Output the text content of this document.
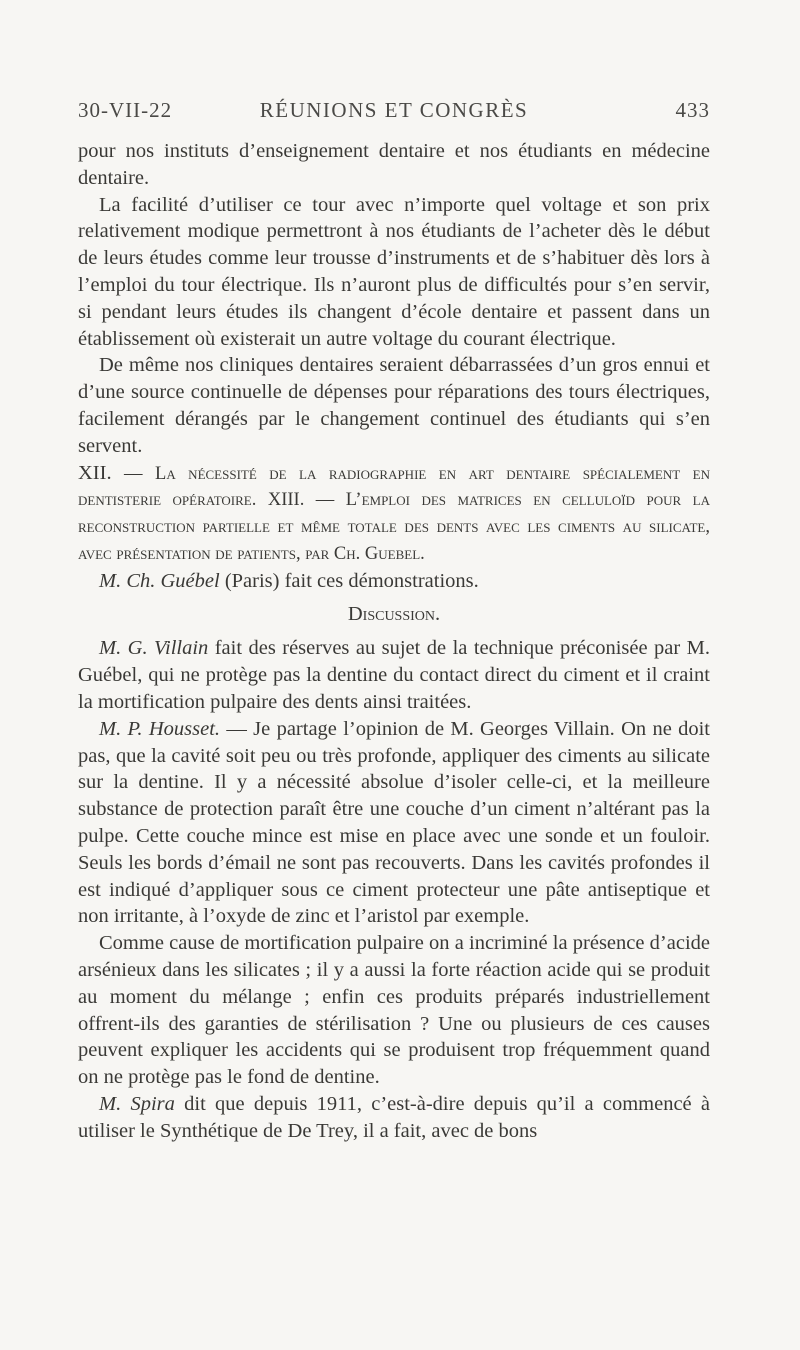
30-VII-22	RÉUNIONS ET CONGRÈS	433

pour nos instituts d’enseignement dentaire et nos étudiants en médecine dentaire.

La facilité d’utiliser ce tour avec n’importe quel voltage et son prix relativement modique permettront à nos étudiants de l’acheter dès le début de leurs études comme leur trousse d’instruments et de s’habituer dès lors à l’emploi du tour électrique. Ils n’auront plus de difficultés pour s’en servir, si pendant leurs études ils changent d’école dentaire et passent dans un établissement où existerait un autre voltage du courant électrique.

De même nos cliniques dentaires seraient débarrassées d’un gros ennui et d’une source continuelle de dépenses pour réparations des tours électriques, facilement dérangés par le changement continuel des étudiants qui s’en servent.

XII. — La nécessité de la radiographie en art dentaire spécialement en dentisterie opératoire. XIII. — L’emploi des matrices en celluloïd pour la reconstruction partielle et même totale des dents avec les ciments au silicate, avec présentation de patients, par Ch. Guebel.

M. Ch. Guébel (Paris) fait ces démonstrations.

Discussion.

M. G. Villain fait des réserves au sujet de la technique préconisée par M. Guébel, qui ne protège pas la dentine du contact direct du ciment et il craint la mortification pulpaire des dents ainsi traitées.

M. P. Housset. — Je partage l’opinion de M. Georges Villain. On ne doit pas, que la cavité soit peu ou très profonde, appliquer des ciments au silicate sur la dentine. Il y a nécessité absolue d’isoler celle-ci, et la meilleure substance de protection paraît être une couche d’un ciment n’altérant pas la pulpe. Cette couche mince est mise en place avec une sonde et un fouloir. Seuls les bords d’émail ne sont pas recouverts. Dans les cavités profondes il est indiqué d’appliquer sous ce ciment protecteur une pâte antiseptique et non irritante, à l’oxyde de zinc et l’aristol par exemple.

Comme cause de mortification pulpaire on a incriminé la présence d’acide arsénieux dans les silicates ; il y a aussi la forte réaction acide qui se produit au moment du mélange ; enfin ces produits préparés industriellement offrent-ils des garanties de stérilisation ? Une ou plusieurs de ces causes peuvent expliquer les accidents qui se produisent trop fréquemment quand on ne protège pas le fond de dentine.

M. Spira dit que depuis 1911, c’est-à-dire depuis qu’il a commencé à utiliser le Synthétique de De Trey, il a fait, avec de bons
